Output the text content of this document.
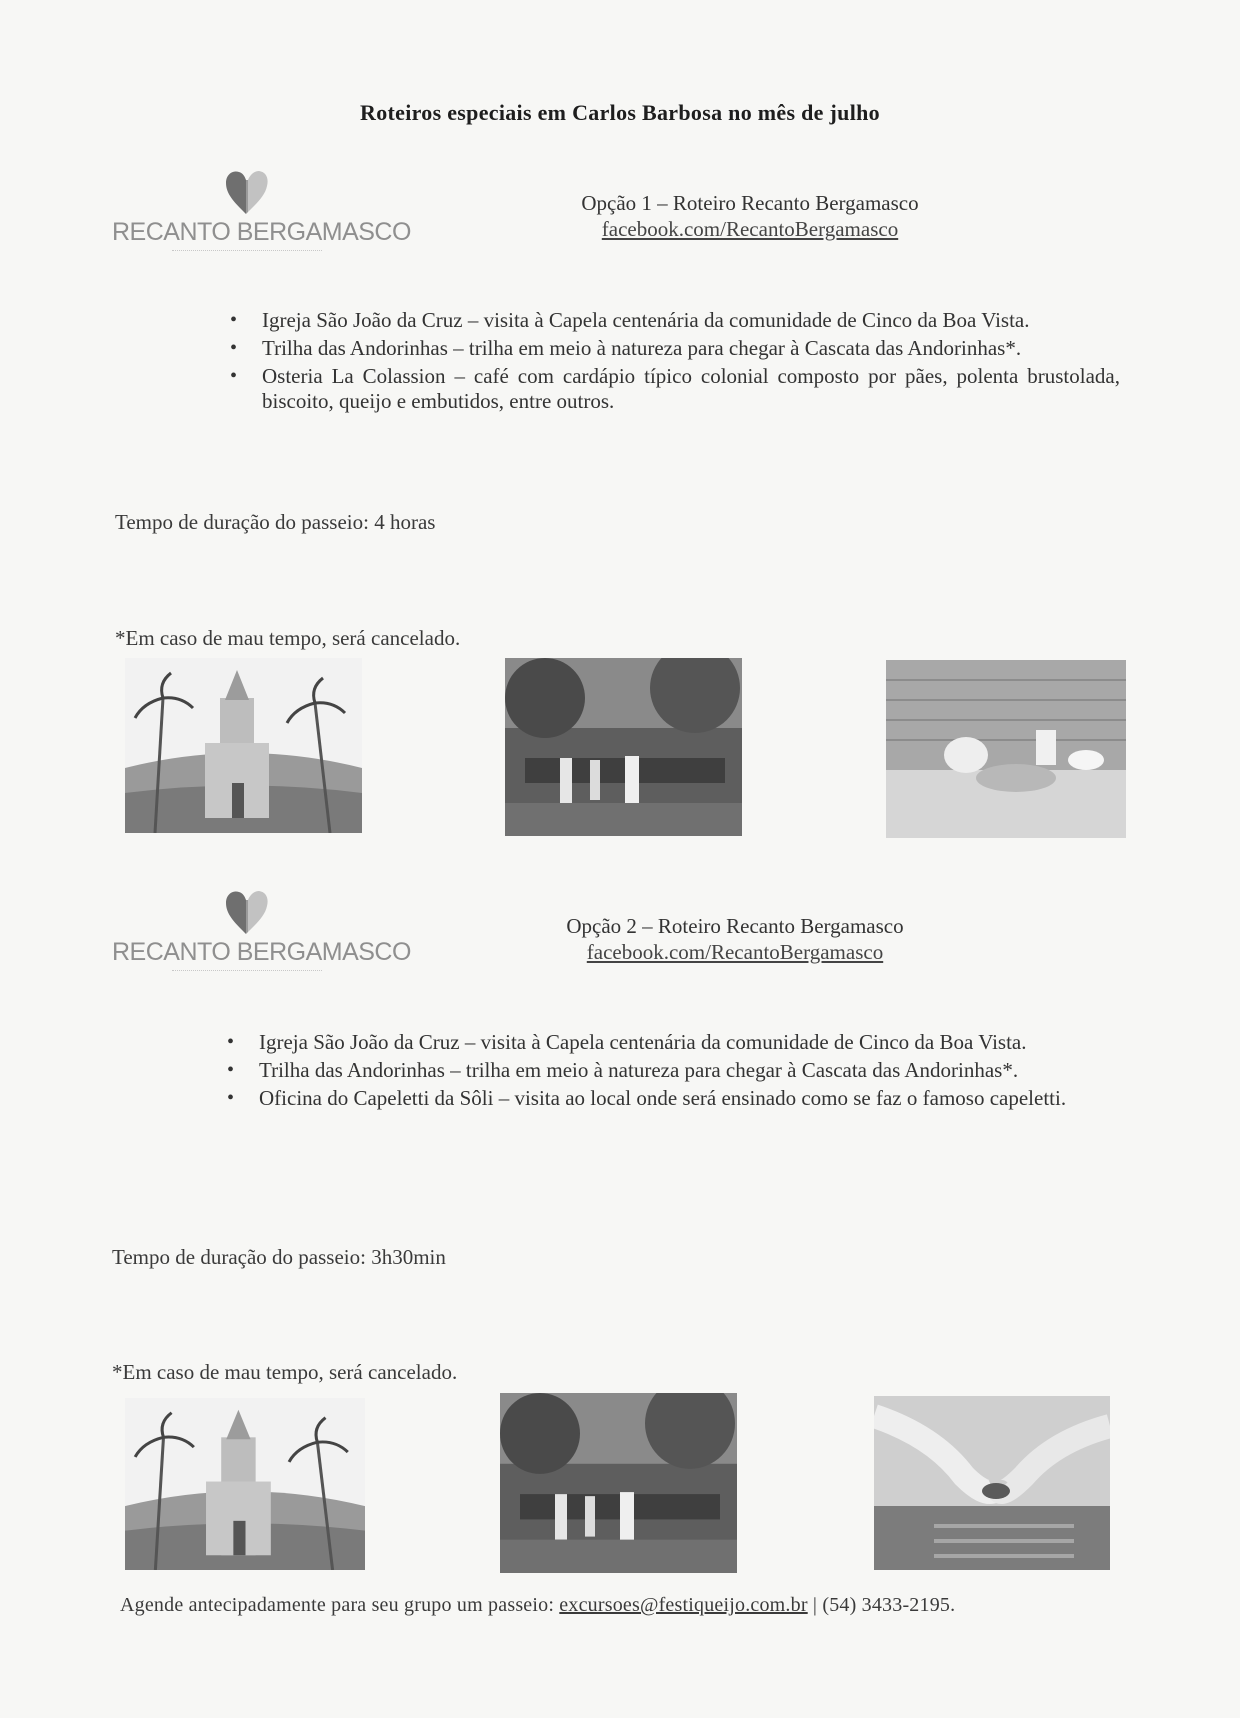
Roteiros especiais em Carlos Barbosa no mês de julho
RECANTO BERGAMASCO
Opção 1 – Roteiro Recanto Bergamasco
facebook.com/RecantoBergamasco
• Igreja São João da Cruz – visita à Capela centenária da comunidade de Cinco da Boa Vista.
• Trilha das Andorinhas – trilha em meio à natureza para chegar à Cascata das Andorinhas*.
• Osteria La Colassion – café com cardápio típico colonial composto por pães, polenta brustolada, biscoito, queijo e embutidos, entre outros.
Tempo de duração do passeio: 4 horas
*Em caso de mau tempo, será cancelado.
RECANTO BERGAMASCO
Opção 2 – Roteiro Recanto Bergamasco
facebook.com/RecantoBergamasco
• Igreja São João da Cruz – visita à Capela centenária da comunidade de Cinco da Boa Vista.
• Trilha das Andorinhas – trilha em meio à natureza para chegar à Cascata das Andorinhas*.
• Oficina do Capeletti da Sôli – visita ao local onde será ensinado como se faz o famoso capeletti.
Tempo de duração do passeio: 3h30min
*Em caso de mau tempo, será cancelado.
Agende antecipadamente para seu grupo um passeio: excursoes@festiqueijo.com.br | (54) 3433-2195.
